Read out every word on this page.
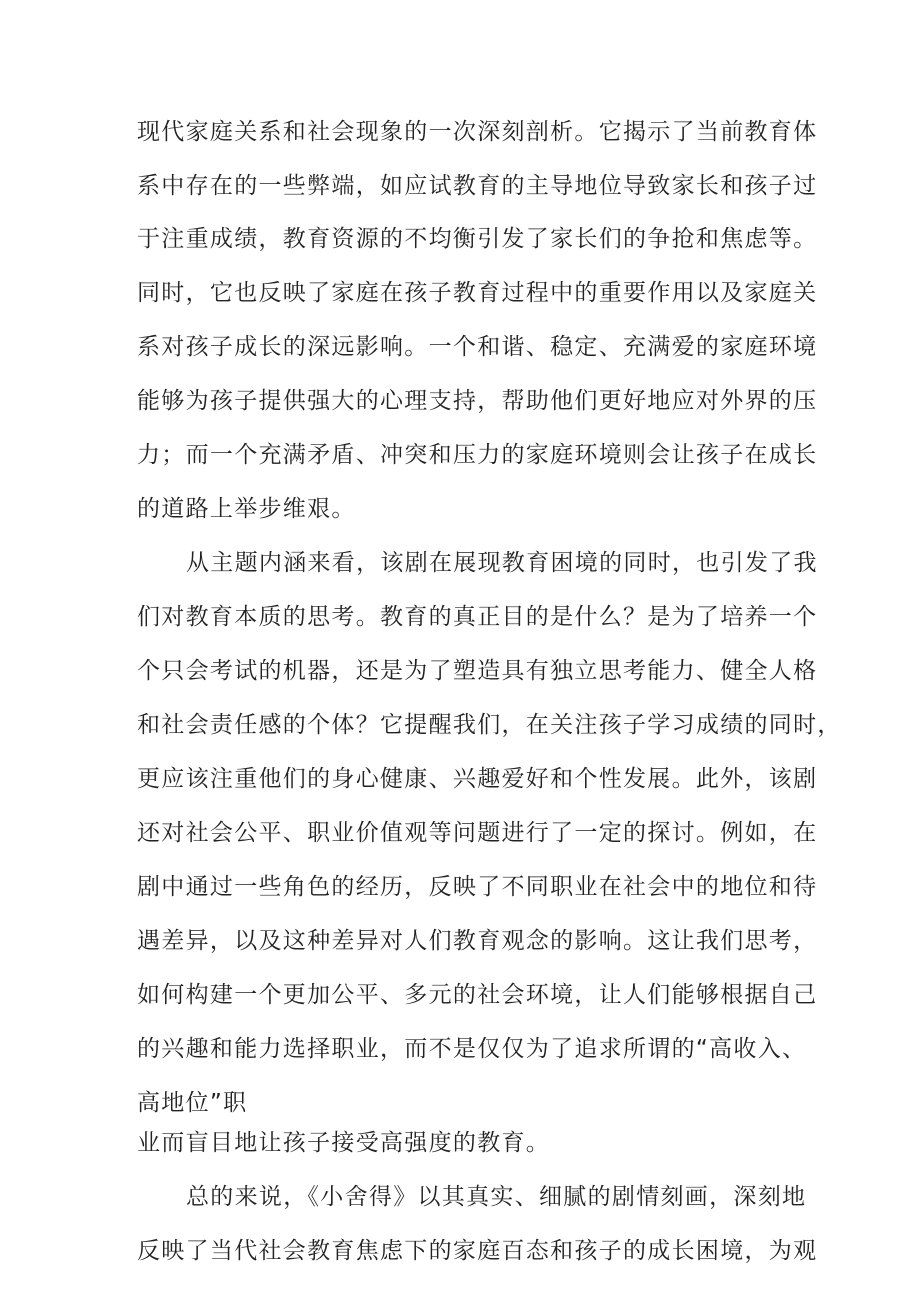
现代家庭关系和社会现象的一次深刻剖析。它揭示了当前教育体
系中存在的一些弊端，如应试教育的主导地位导致家长和孩子过
于注重成绩，教育资源的不均衡引发了家长们的争抢和焦虑等。
同时，它也反映了家庭在孩子教育过程中的重要作用以及家庭关
系对孩子成长的深远影响。一个和谐、稳定、充满爱的家庭环境
能够为孩子提供强大的心理支持，帮助他们更好地应对外界的压
力；而一个充满矛盾、冲突和压力的家庭环境则会让孩子在成长
的道路上举步维艰。
从主题内涵来看，该剧在展现教育困境的同时，也引发了我
们对教育本质的思考。教育的真正目的是什么？是为了培养一个
个只会考试的机器，还是为了塑造具有独立思考能力、健全人格
和社会责任感的个体？它提醒我们，在关注孩子学习成绩的同时，
更应该注重他们的身心健康、兴趣爱好和个性发展。此外，该剧
还对社会公平、职业价值观等问题进行了一定的探讨。例如，在
剧中通过一些角色的经历，反映了不同职业在社会中的地位和待
遇差异，以及这种差异对人们教育观念的影响。这让我们思考，
如何构建一个更加公平、多元的社会环境，让人们能够根据自己
的兴趣和能力选择职业，而不是仅仅为了追求所谓的“高收入、
高地位”职
业而盲目地让孩子接受高强度的教育。
总的来说，《小舍得》以其真实、细腻的剧情刻画，深刻地
反映了当代社会教育焦虑下的家庭百态和孩子的成长困境，为观
